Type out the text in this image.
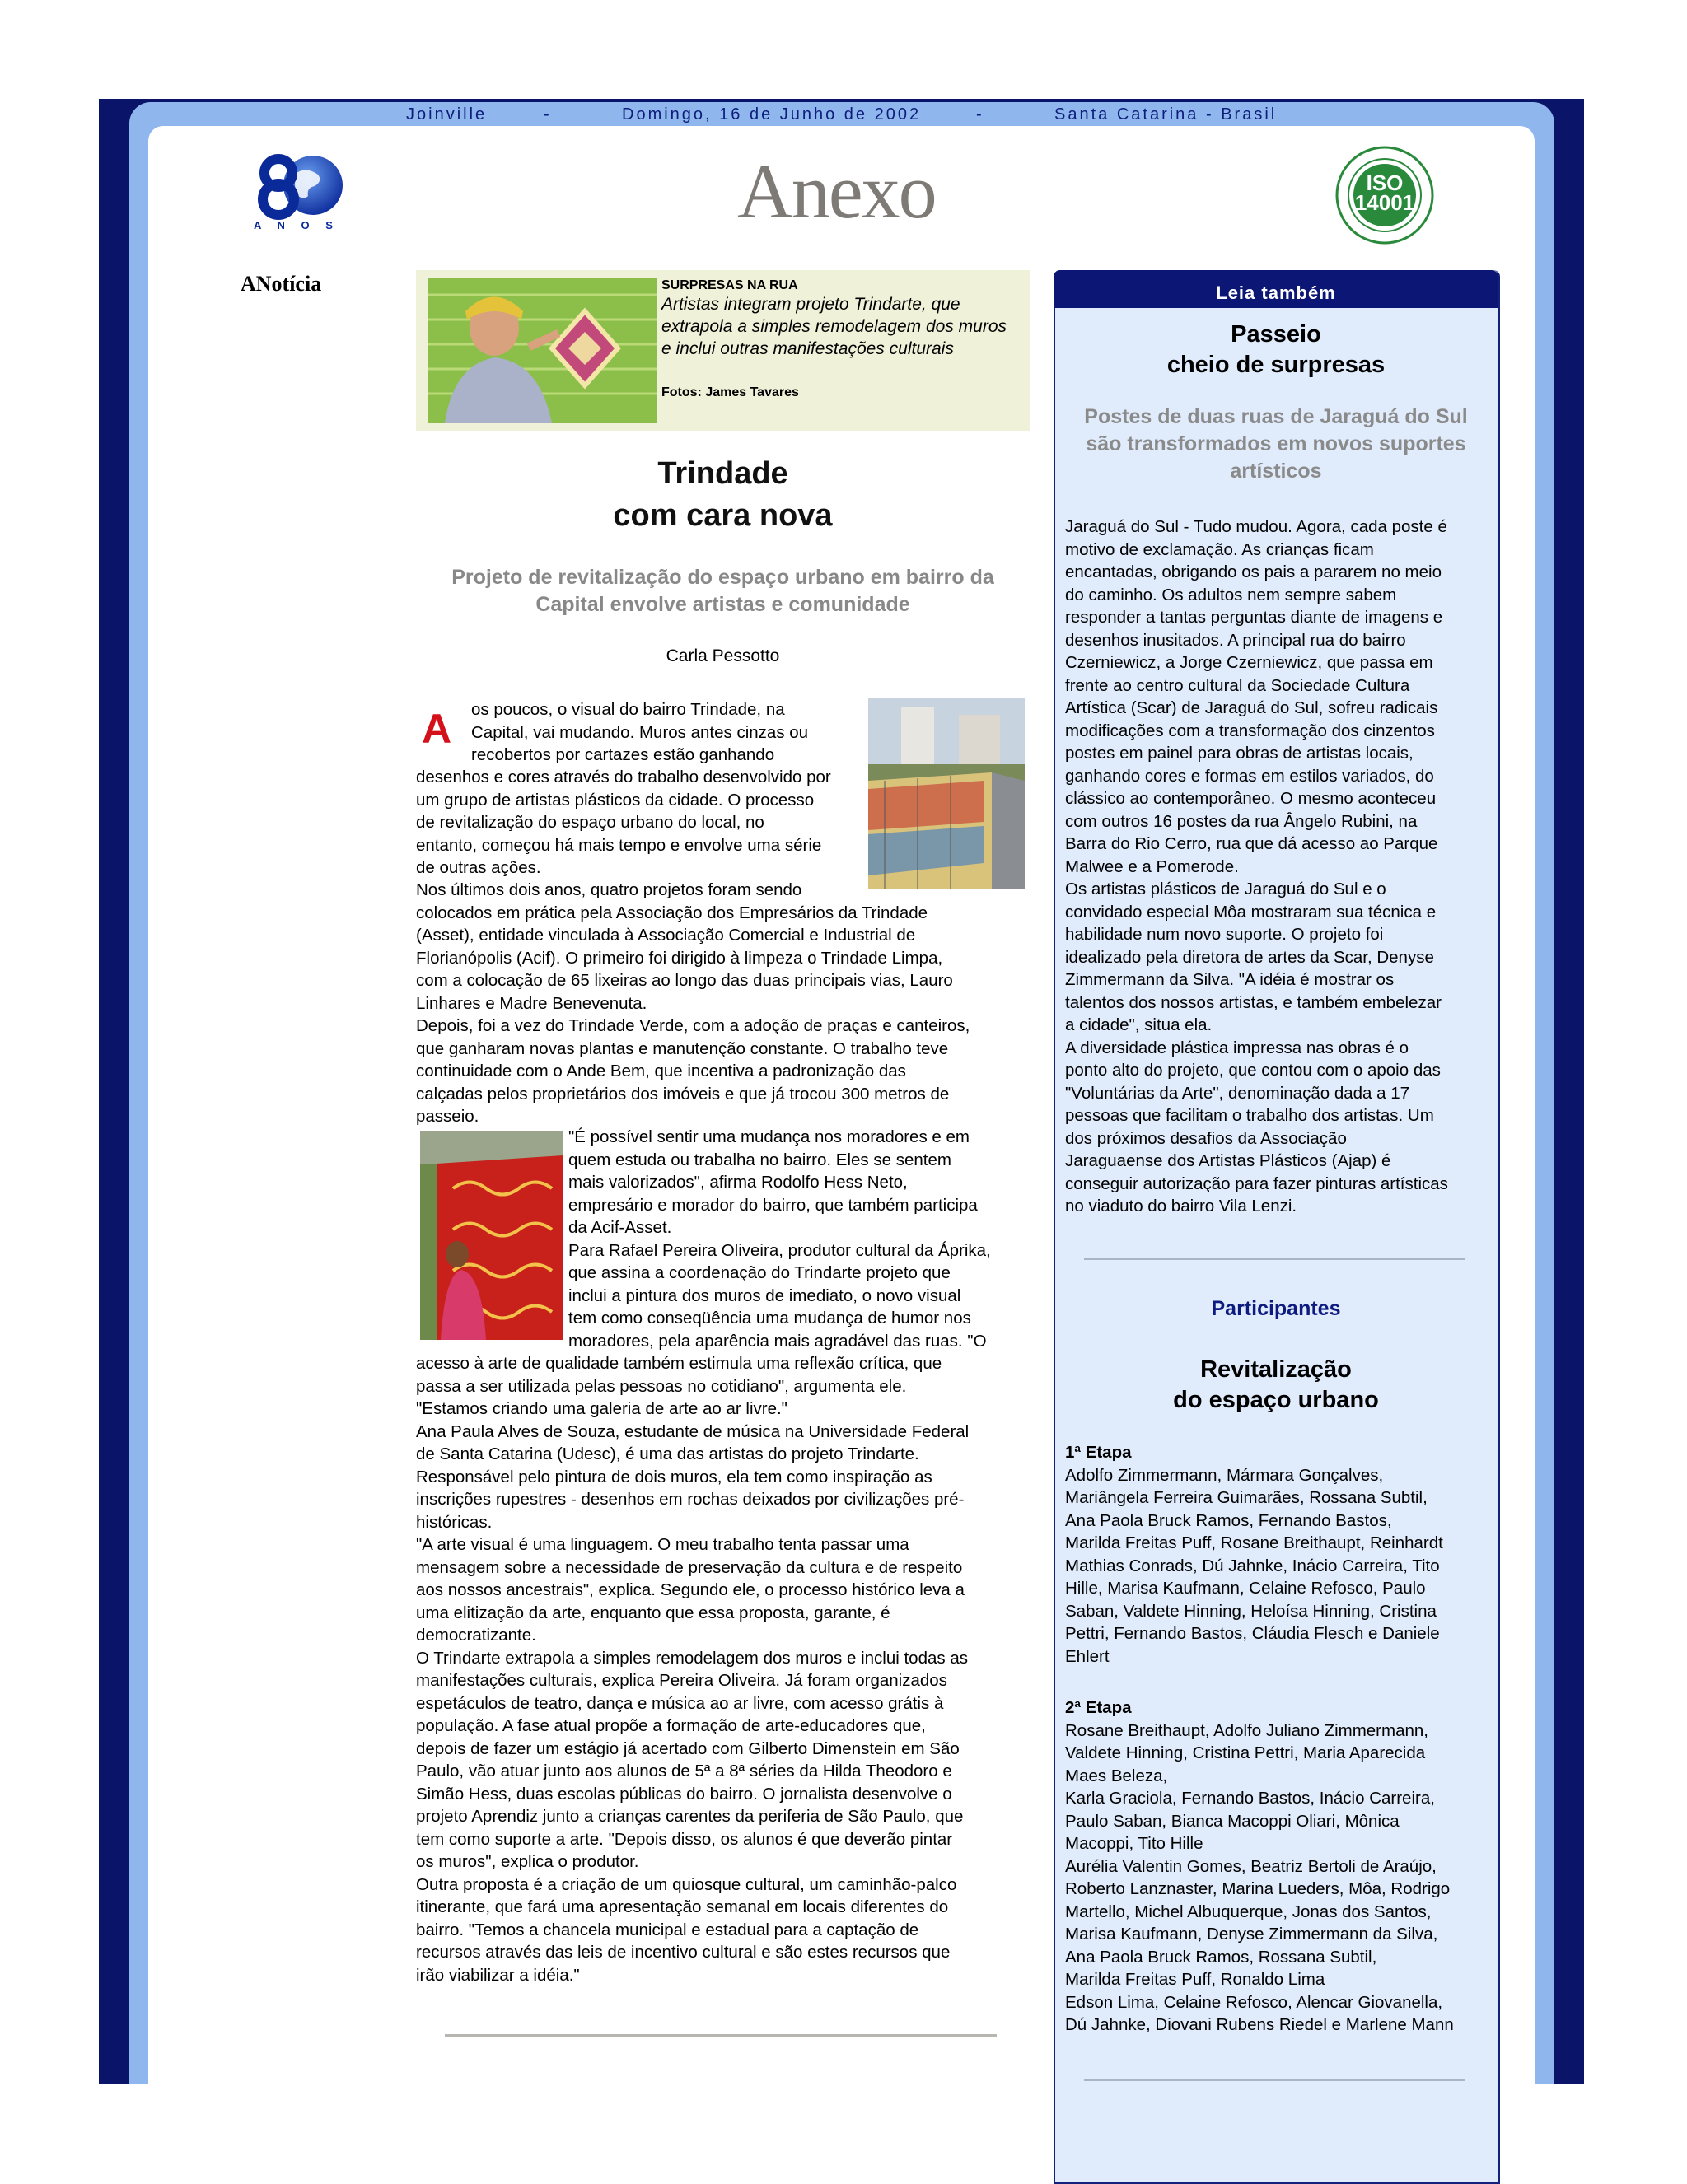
Joinville	-	Domingo, 16 de Junho de 2002	-	Santa Catarina - Brasil
A N O S	Anexo	ISO 14001
ANotícia	SURPRESAS NA RUA
Artistas integram projeto Trindarte, que extrapola a simples remodelagem dos muros e inclui outras manifestações culturais
Fotos: James Tavares
Trindade
com cara nova
Projeto de revitalização do espaço urbano em bairro da Capital envolve artistas e comunidade
Carla Pessotto
A os poucos, o visual do bairro Trindade, na
Capital, vai mudando. Muros antes cinzas ou
recobertos por cartazes estão ganhando
desenhos e cores através do trabalho desenvolvido por
um grupo de artistas plásticos da cidade. O processo
de revitalização do espaço urbano do local, no
entanto, começou há mais tempo e envolve uma série
de outras ações.
Nos últimos dois anos, quatro projetos foram sendo
colocados em prática pela Associação dos Empresários da Trindade
(Asset), entidade vinculada à Associação Comercial e Industrial de
Florianópolis (Acif). O primeiro foi dirigido à limpeza o Trindade Limpa,
com a colocação de 65 lixeiras ao longo das duas principais vias, Lauro
Linhares e Madre Benevenuta.
Depois, foi a vez do Trindade Verde, com a adoção de praças e canteiros,
que ganharam novas plantas e manutenção constante. O trabalho teve
continuidade com o Ande Bem, que incentiva a padronização das
calçadas pelos proprietários dos imóveis e que já trocou 300 metros de
passeio.
"É possível sentir uma mudança nos moradores e em
quem estuda ou trabalha no bairro. Eles se sentem
mais valorizados", afirma Rodolfo Hess Neto,
empresário e morador do bairro, que também participa
da Acif-Asset.
Para Rafael Pereira Oliveira, produtor cultural da Áprika,
que assina a coordenação do Trindarte projeto que
inclui a pintura dos muros de imediato, o novo visual
tem como conseqüência uma mudança de humor nos
moradores, pela aparência mais agradável das ruas. "O
acesso à arte de qualidade também estimula uma reflexão crítica, que
passa a ser utilizada pelas pessoas no cotidiano", argumenta ele.
"Estamos criando uma galeria de arte ao ar livre."
Ana Paula Alves de Souza, estudante de música na Universidade Federal
de Santa Catarina (Udesc), é uma das artistas do projeto Trindarte.
Responsável pelo pintura de dois muros, ela tem como inspiração as
inscrições rupestres - desenhos em rochas deixados por civilizações pré-
históricas.
"A arte visual é uma linguagem. O meu trabalho tenta passar uma
mensagem sobre a necessidade de preservação da cultura e de respeito
aos nossos ancestrais", explica. Segundo ele, o processo histórico leva a
uma elitização da arte, enquanto que essa proposta, garante, é
democratizante.
O Trindarte extrapola a simples remodelagem dos muros e inclui todas as
manifestações culturais, explica Pereira Oliveira. Já foram organizados
espetáculos de teatro, dança e música ao ar livre, com acesso grátis à
população. A fase atual propõe a formação de arte-educadores que,
depois de fazer um estágio já acertado com Gilberto Dimenstein em São
Paulo, vão atuar junto aos alunos de 5ª a 8ª séries da Hilda Theodoro e
Simão Hess, duas escolas públicas do bairro. O jornalista desenvolve o
projeto Aprendiz junto a crianças carentes da periferia de São Paulo, que
tem como suporte a arte. "Depois disso, os alunos é que deverão pintar
os muros", explica o produtor.
Outra proposta é a criação de um quiosque cultural, um caminhão-palco
itinerante, que fará uma apresentação semanal em locais diferentes do
bairro. "Temos a chancela municipal e estadual para a captação de
recursos através das leis de incentivo cultural e são estes recursos que
irão viabilizar a idéia."
Leia também
Passeio
cheio de surpresas
Postes de duas ruas de Jaraguá do Sul são transformados em novos suportes artísticos
Jaraguá do Sul - Tudo mudou. Agora, cada poste é
motivo de exclamação. As crianças ficam
encantadas, obrigando os pais a pararem no meio
do caminho. Os adultos nem sempre sabem
responder a tantas perguntas diante de imagens e
desenhos inusitados. A principal rua do bairro
Czerniewicz, a Jorge Czerniewicz, que passa em
frente ao centro cultural da Sociedade Cultura
Artística (Scar) de Jaraguá do Sul, sofreu radicais
modificações com a transformação dos cinzentos
postes em painel para obras de artistas locais,
ganhando cores e formas em estilos variados, do
clássico ao contemporâneo. O mesmo aconteceu
com outros 16 postes da rua Ângelo Rubini, na
Barra do Rio Cerro, rua que dá acesso ao Parque
Malwee e a Pomerode.
Os artistas plásticos de Jaraguá do Sul e o
convidado especial Môa mostraram sua técnica e
habilidade num novo suporte. O projeto foi
idealizado pela diretora de artes da Scar, Denyse
Zimmermann da Silva. "A idéia é mostrar os
talentos dos nossos artistas, e também embelezar
a cidade", situa ela.
A diversidade plástica impressa nas obras é o
ponto alto do projeto, que contou com o apoio das
"Voluntárias da Arte", denominação dada a 17
pessoas que facilitam o trabalho dos artistas. Um
dos próximos desafios da Associação
Jaraguaense dos Artistas Plásticos (Ajap) é
conseguir autorização para fazer pinturas artísticas
no viaduto do bairro Vila Lenzi.
Participantes
Revitalização
do espaço urbano
1ª Etapa
Adolfo Zimmermann, Mármara Gonçalves,
Mariângela Ferreira Guimarães, Rossana Subtil,
Ana Paola Bruck Ramos, Fernando Bastos,
Marilda Freitas Puff, Rosane Breithaupt, Reinhardt
Mathias Conrads, Dú Jahnke, Inácio Carreira, Tito
Hille, Marisa Kaufmann, Celaine Refosco, Paulo
Saban, Valdete Hinning, Heloísa Hinning, Cristina
Pettri, Fernando Bastos, Cláudia Flesch e Daniele
Ehlert
2ª Etapa
Rosane Breithaupt, Adolfo Juliano Zimmermann,
Valdete Hinning, Cristina Pettri, Maria Aparecida
Maes Beleza,
Karla Graciola, Fernando Bastos, Inácio Carreira,
Paulo Saban, Bianca Macoppi Oliari, Mônica
Macoppi, Tito Hille
Aurélia Valentin Gomes, Beatriz Bertoli de Araújo,
Roberto Lanznaster, Marina Lueders, Môa, Rodrigo
Martello, Michel Albuquerque, Jonas dos Santos,
Marisa Kaufmann, Denyse Zimmermann da Silva,
Ana Paola Bruck Ramos, Rossana Subtil,
Marilda Freitas Puff, Ronaldo Lima
Edson Lima, Celaine Refosco, Alencar Giovanella,
Dú Jahnke, Diovani Rubens Riedel e Marlene Mann
